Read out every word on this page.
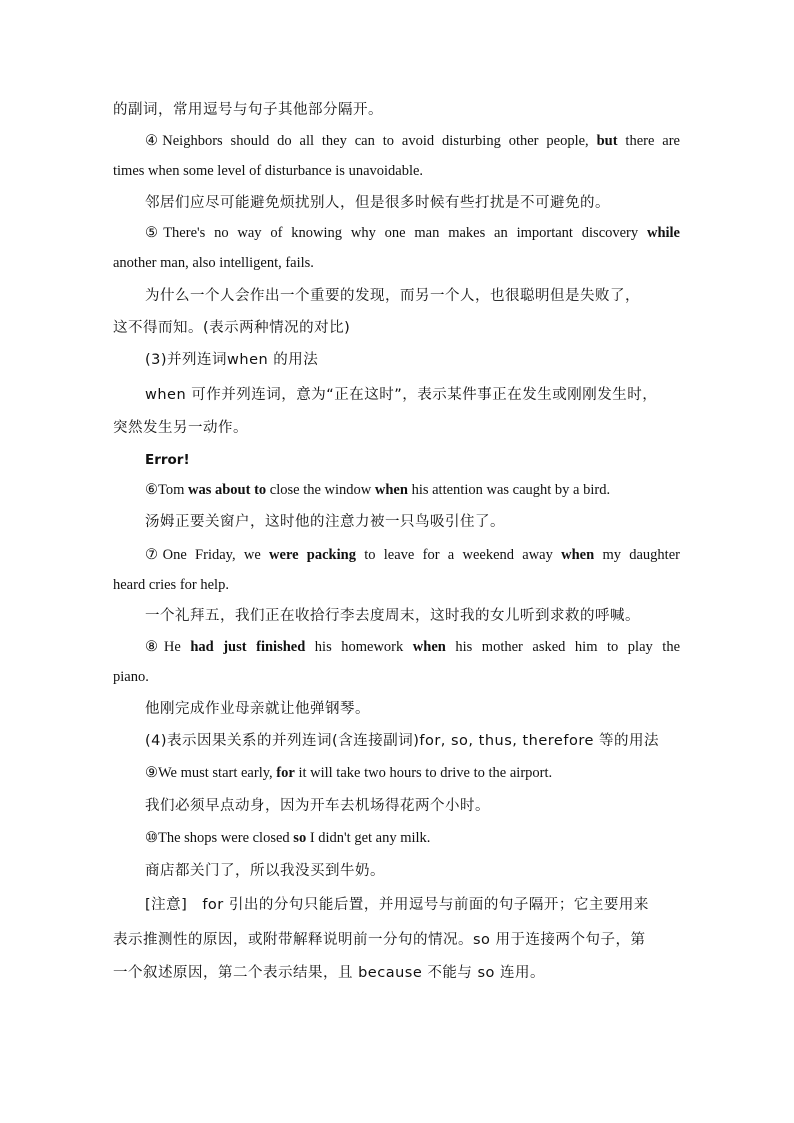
的副词，常用逗号与句子其他部分隔开。
④Neighbors should do all they can to avoid disturbing other people, but there are
times when some level of disturbance is unavoidable.
邻居们应尽可能避免烦扰别人，但是很多时候有些打扰是不可避免的。
⑤There's no way of knowing why one man makes an important discovery while
another man, also intelligent, fails.
为什么一个人会作出一个重要的发现，而另一个人，也很聪明但是失败了，
这不得而知。(表示两种情况的对比)
(3)并列连词when 的用法
when 可作并列连词，意为“正在这时”，表示某件事正在发生或刚刚发生时，
突然发生另一动作。
Error!
⑥Tom was about to close the window when his attention was caught by a bird.
汤姆正要关窗户，这时他的注意力被一只鸟吸引住了。
⑦One Friday, we were packing to leave for a weekend away when my daughter
heard cries for help.
一个礼拜五，我们正在收拾行李去度周末，这时我的女儿听到求救的呼喊。
⑧He had just finished his homework when his mother asked him to play the
piano.
他刚完成作业母亲就让他弹钢琴。
(4)表示因果关系的并列连词(含连接副词)for, so, thus, therefore 等的用法
⑨We must start early, for it will take two hours to drive to the airport.
我们必须早点动身，因为开车去机场得花两个小时。
⑩The shops were closed so I didn't get any milk.
商店都关门了，所以我没买到牛奶。
[注意]　for 引出的分句只能后置，并用逗号与前面的句子隔开；它主要用来
表示推测性的原因，或附带解释说明前一分句的情况。so 用于连接两个句子，第
一个叙述原因，第二个表示结果，且 because 不能与 so 连用。
